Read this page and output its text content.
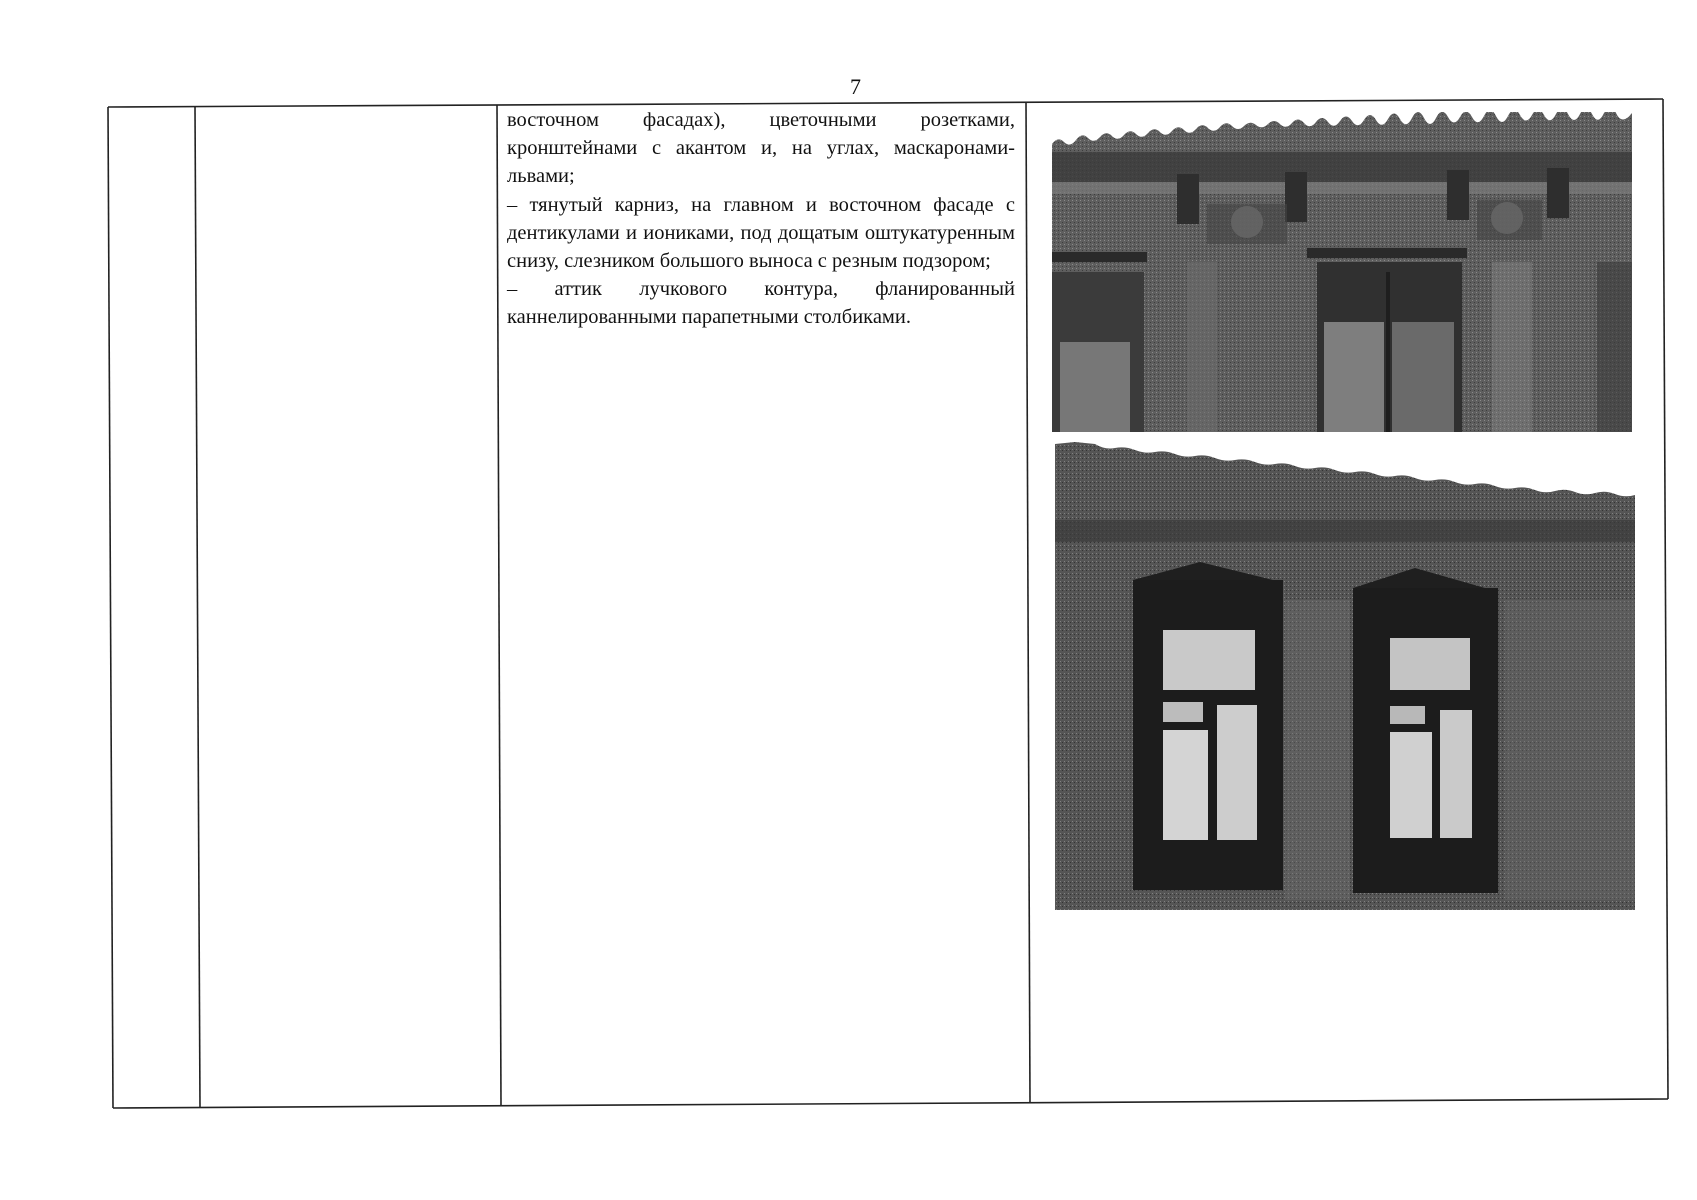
7

восточном фасадах), цветочными розетками, кронштейнами с акантом и, на углах, маскаронами-львами;

– тянутый карниз, на главном и восточном фасаде с дентикулами и иониками, под дощатым оштукатуренным снизу, слезником большого выноса с резным подзором;

– аттик лучкового контура, фланированный каннелированными парапетными столбиками.
